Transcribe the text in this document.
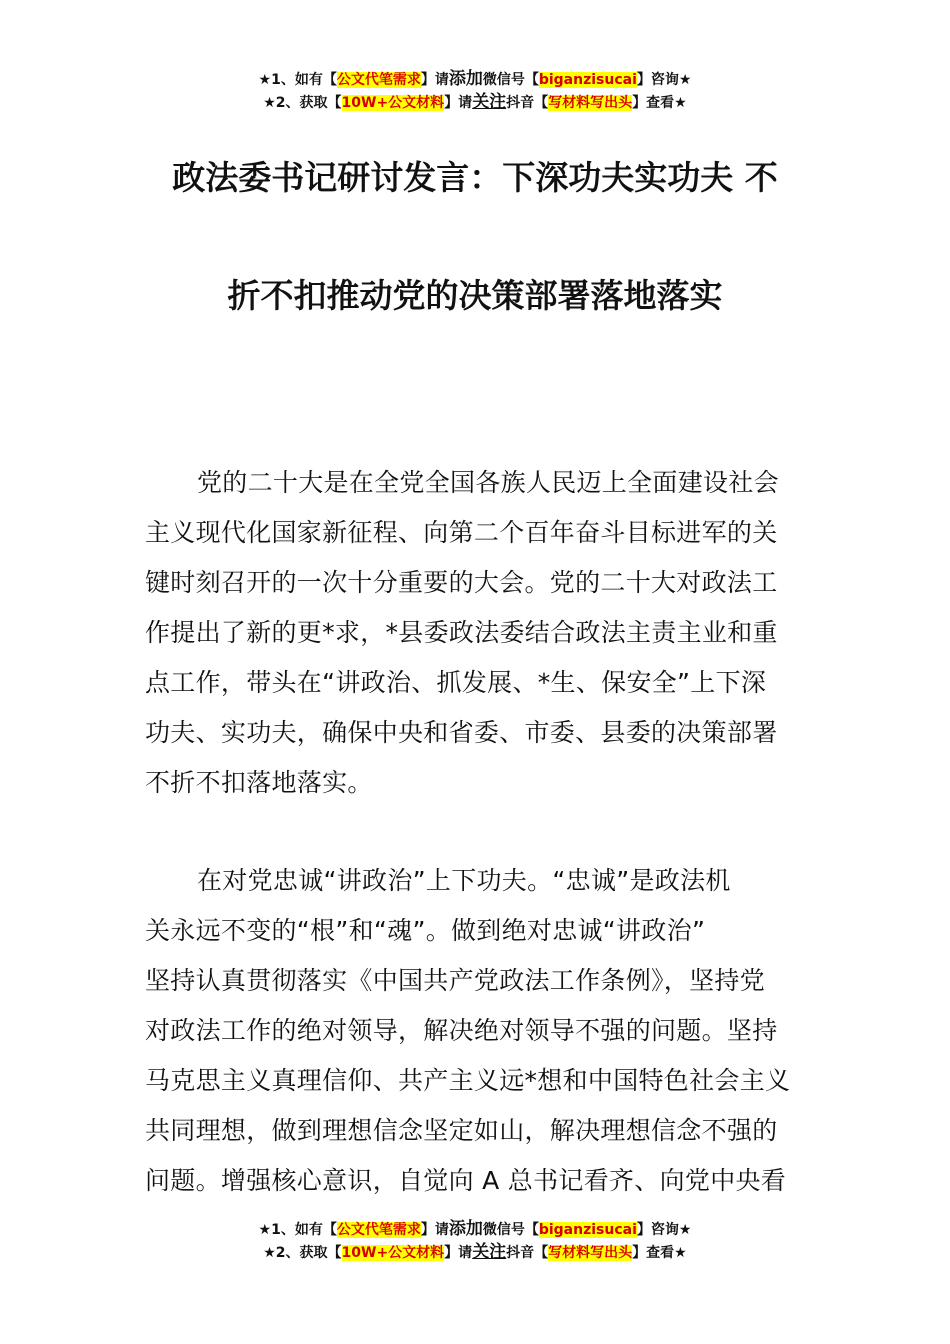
★1、如有【公文代笔需求】请添加微信号【biganzisucai】咨询★
★2、获取【10W+公文材料】请关注抖音【写材料写出头】查看★
政法委书记研讨发言：下深功夫实功夫 不
折不扣推动党的决策部署落地落实
党的二十大是在全党全国各族人民迈上全面建设社会
主义现代化国家新征程、向第二个百年奋斗目标进军的关
键时刻召开的一次十分重要的大会。党的二十大对政法工
作提出了新的更*求，*县委政法委结合政法主责主业和重
点工作，带头在“讲政治、抓发展、*生、保安全”上下深
功夫、实功夫，确保中央和省委、市委、县委的决策部署
不折不扣落地落实。
在对党忠诚“讲政治”上下功夫。“忠诚”是政法机
关永远不变的“根”和“魂”。做到绝对忠诚“讲政治”
坚持认真贯彻落实《中国共产党政法工作条例》，坚持党
对政法工作的绝对领导，解决绝对领导不强的问题。坚持
马克思主义真理信仰、共产主义远*想和中国特色社会主义
共同理想，做到理想信念坚定如山，解决理想信念不强的
问题。增强核心意识，自觉向 A 总书记看齐、向党中央看
★1、如有【公文代笔需求】请添加微信号【biganzisucai】咨询★
★2、获取【10W+公文材料】请关注抖音【写材料写出头】查看★
